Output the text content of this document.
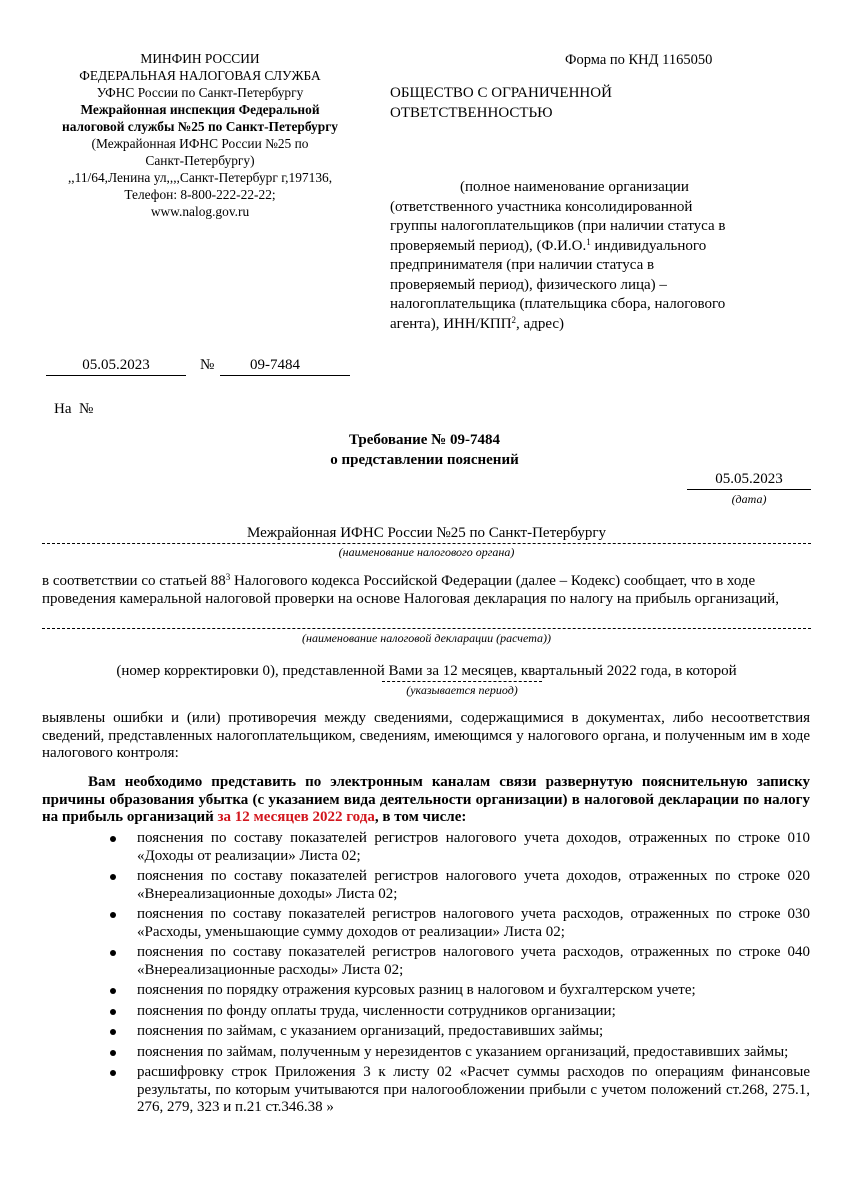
МИНФИН РОССИИ
ФЕДЕРАЛЬНАЯ НАЛОГОВАЯ СЛУЖБА
УФНС России по Санкт-Петербургу
Межрайонная инспекция Федеральной
налоговой службы №25 по Санкт-Петербургу
(Межрайонная ИФНС России №25 по
Санкт-Петербургу)
,,11/64,Ленина ул,,,,Санкт-Петербург г,197136,
Телефон: 8-800-222-22-22;
www.nalog.gov.ru
Форма по КНД 1165050
ОБЩЕСТВО С ОГРАНИЧЕННОЙ
ОТВЕТСТВЕННОСТЬЮ
(полное наименование организации
(ответственного участника консолидированной группы налогоплательщиков (при наличии статуса в проверяемый период), (Ф.И.О.$^1$ индивидуального предпринимателя (при наличии статуса в проверяемый период), физического лица) – налогоплательщика (плательщика сбора, налогового агента), ИНН/КПП$^2$, адрес)
05.05.2023	№	09-7484
На  №
Требование № 09-7484
о представлении пояснений
05.05.2023
(дата)
Межрайонная ИФНС России №25 по Санкт-Петербургу
(наименование налогового органа)
в соответствии со статьей $88^3$ Налогового кодекса Российской Федерации (далее – Кодекс) сообщает, что в ходе проведения камеральной налоговой проверки на основе Налоговая декларация по налогу на прибыль организаций,
(наименование налоговой декларации (расчета))
(номер корректировки 0), представленной Вами за 12 месяцев, квартальный 2022 года, в которой
(указывается период)
выявлены ошибки и (или) противоречия между сведениями, содержащимися в документах, либо несоответствия сведений, представленных налогоплательщиком, сведениям, имеющимся у налогового органа, и полученным им в ходе налогового контроля:
Вам необходимо представить по электронным каналам связи развернутую пояснительную записку причины образования убытка (с указанием вида деятельности организации) в налоговой декларации по налогу на прибыль организаций за 12 месяцев 2022 года, в том числе:
пояснения по составу показателей регистров налогового учета доходов, отраженных по строке 010 «Доходы от реализации» Листа 02;
пояснения по составу показателей регистров налогового учета доходов, отраженных по строке 020 «Внереализационные доходы» Листа 02;
пояснения по составу показателей регистров налогового учета расходов, отраженных по строке 030 «Расходы, уменьшающие сумму доходов от реализации» Листа 02;
пояснения по составу показателей регистров налогового учета расходов, отраженных по строке 040 «Внереализационные расходы» Листа 02;
пояснения по порядку отражения курсовых разниц в налоговом и бухгалтерском учете;
пояснения по фонду оплаты труда, численности сотрудников организации;
пояснения по займам, с указанием организаций, предоставивших займы;
пояснения по займам, полученным у нерезидентов с указанием организаций, предоставивших займы;
расшифровку строк Приложения 3 к листу 02 «Расчет суммы расходов по операциям финансовые результаты, по которым учитываются при налогообложении прибыли с учетом положений ст.268, 275.1, 276, 279, 323 и п.21 ст.346.38 »
